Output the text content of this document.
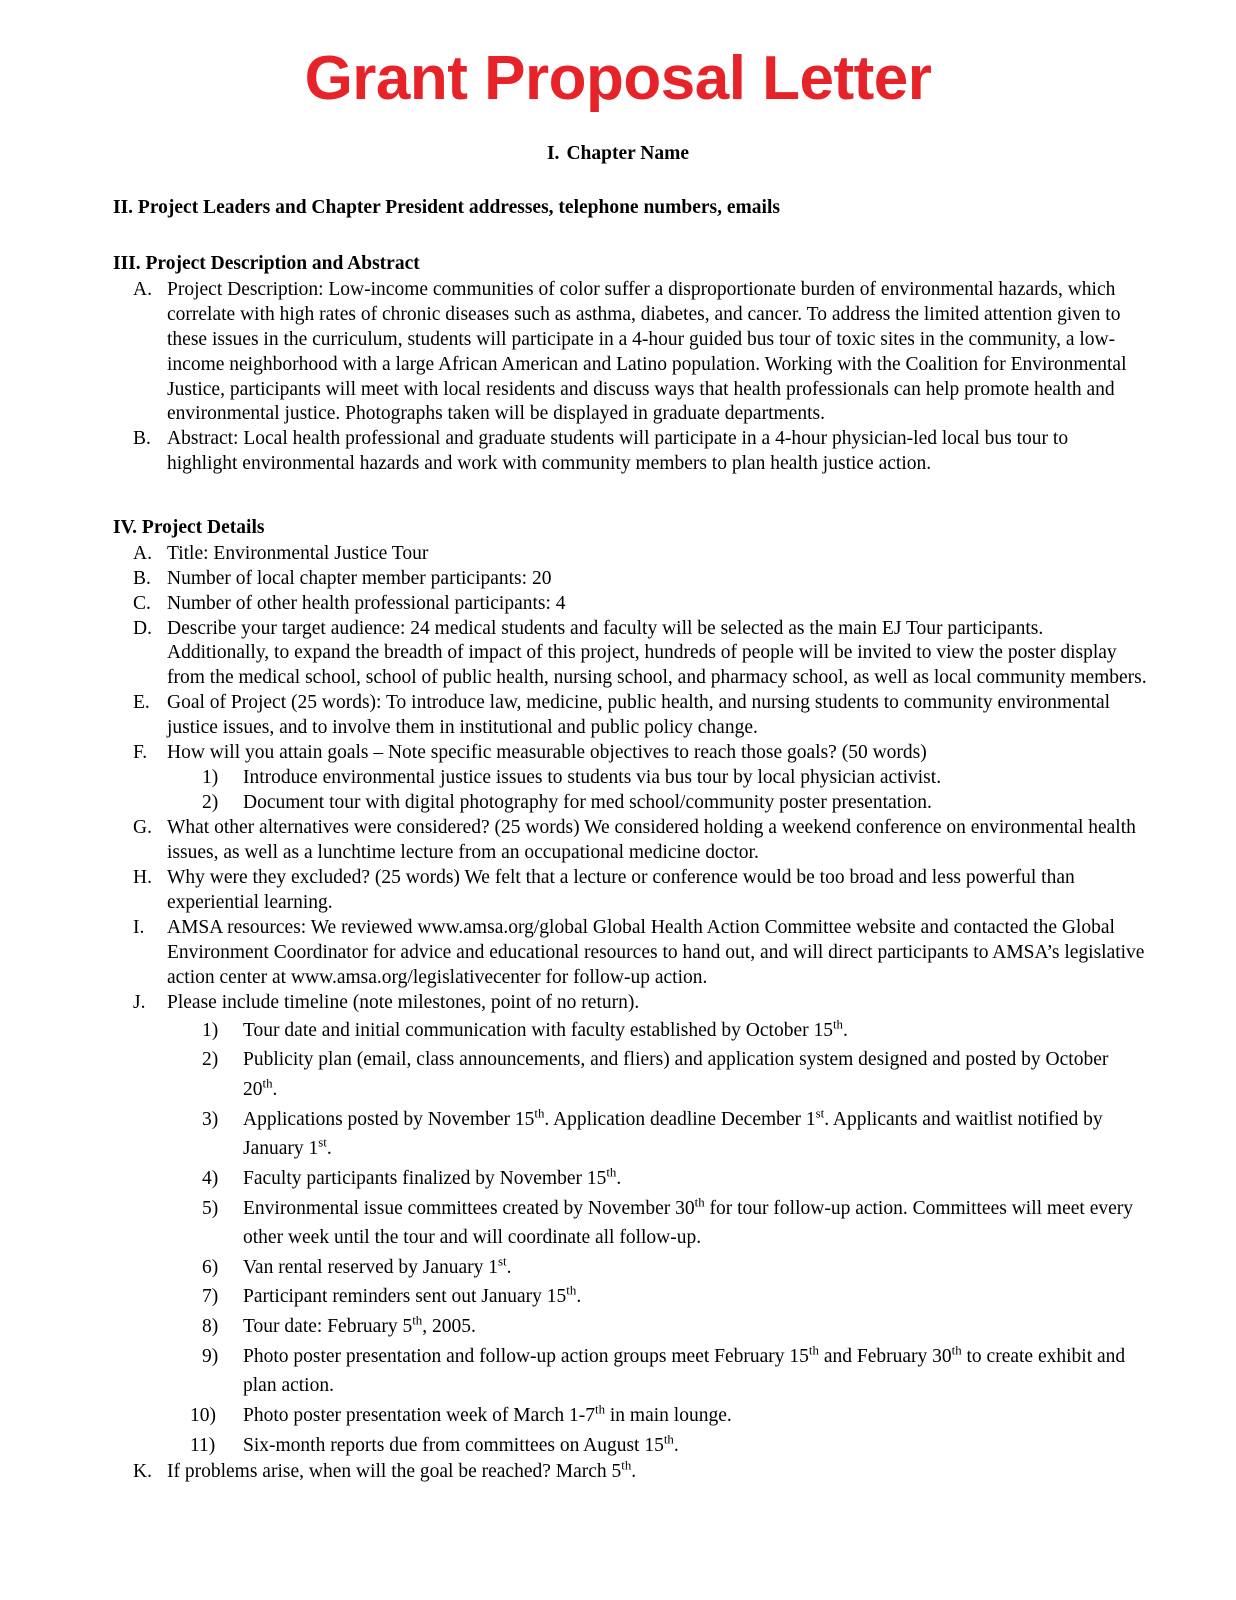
Grant Proposal Letter

I. Chapter Name

II. Project Leaders and Chapter President addresses, telephone numbers, emails

III. Project Description and Abstract

A. Project Description: Low-income communities of color suffer a disproportionate burden of environmental hazards, which correlate with high rates of chronic diseases such as asthma, diabetes, and cancer. To address the limited attention given to these issues in the curriculum, students will participate in a 4-hour guided bus tour of toxic sites in the community, a low-income neighborhood with a large African American and Latino population. Working with the Coalition for Environmental Justice, participants will meet with local residents and discuss ways that health professionals can help promote health and environmental justice. Photographs taken will be displayed in graduate departments.
B. Abstract: Local health professional and graduate students will participate in a 4-hour physician-led local bus tour to highlight environmental hazards and work with community members to plan health justice action.

IV. Project Details

A. Title: Environmental Justice Tour
B. Number of local chapter member participants: 20
C. Number of other health professional participants: 4
D. Describe your target audience: 24 medical students and faculty will be selected as the main EJ Tour participants. Additionally, to expand the breadth of impact of this project, hundreds of people will be invited to view the poster display from the medical school, school of public health, nursing school, and pharmacy school, as well as local community members.
E. Goal of Project (25 words): To introduce law, medicine, public health, and nursing students to community environmental justice issues, and to involve them in institutional and public policy change.
F.	How will you attain goals – Note specific measurable objectives to reach those goals? (50 words)
1)	Introduce environmental justice issues to students via bus tour by local physician activist.
2)	Document tour with digital photography for med school/community poster presentation.
G. What other alternatives were considered? (25 words) We considered holding a weekend conference on environmental health issues, as well as a lunchtime lecture from an occupational medicine doctor.
H. Why were they excluded? (25 words) We felt that a lecture or conference would be too broad and less powerful than experiential learning.
I.	AMSA resources: We reviewed www.amsa.org/global Global Health Action Committee website and contacted the Global Environment Coordinator for advice and educational resources to hand out, and will direct participants to AMSA’s legislative action center at www.amsa.org/legislativecenter for follow-up action.
J.	Please include timeline (note milestones, point of no return).
1)	Tour date and initial communication with faculty established by October 15th.
2)	Publicity plan (email, class announcements, and fliers) and application system designed and posted by October 20th.
3)	Applications posted by November 15th. Application deadline December 1st. Applicants and waitlist notified by January 1st.
4)	Faculty participants finalized by November 15th.
5)	Environmental issue committees created by November 30th for tour follow-up action. Committees will meet every other week until the tour and will coordinate all follow-up.
6)	Van rental reserved by January 1st.
7)	Participant reminders sent out January 15th.
8)	Tour date: February 5th, 2005.
9)	Photo poster presentation and follow-up action groups meet February 15th and February 30th to create exhibit and plan action.
10)	Photo poster presentation week of March 1-7th in main lounge.
11)	Six-month reports due from committees on August 15th.
K. If problems arise, when will the goal be reached? March 5th.
